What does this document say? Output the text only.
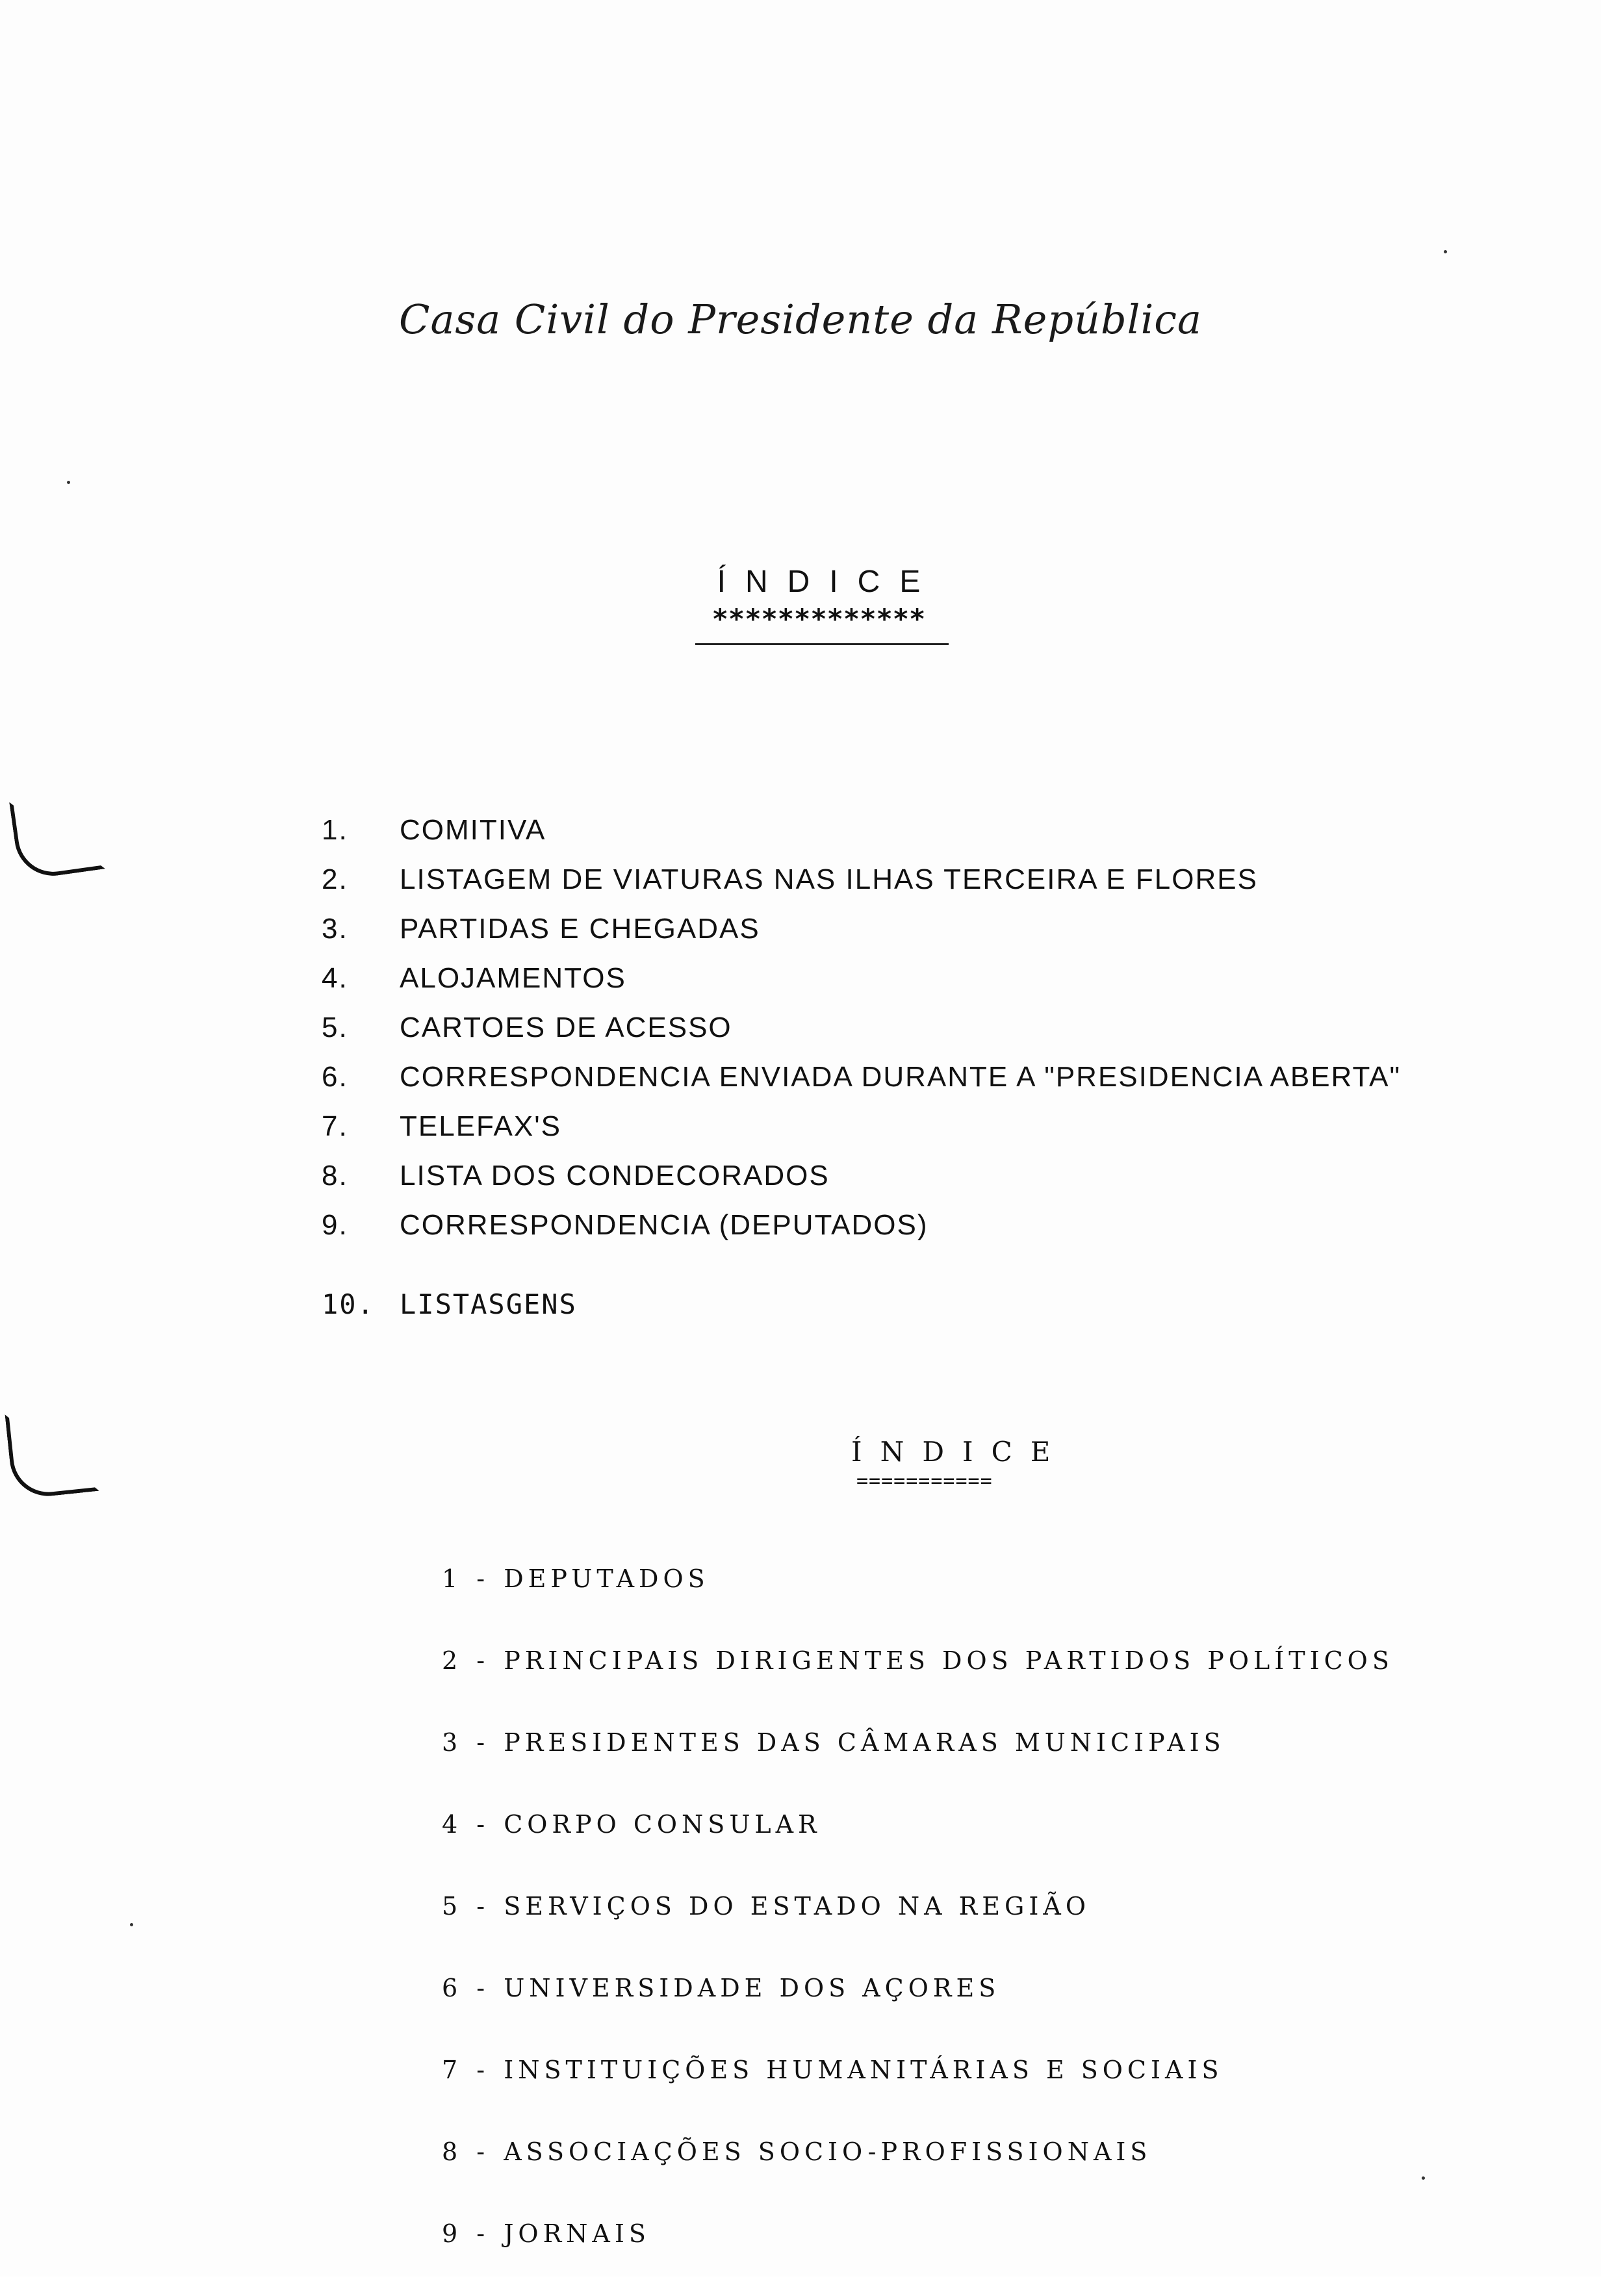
Casa Civil do Presidente da República
ÍNDICE
*************
1. COMITIVA
2. LISTAGEM DE VIATURAS NAS ILHAS TERCEIRA E FLORES
3. PARTIDAS E CHEGADAS
4. ALOJAMENTOS
5. CARTOES DE ACESSO
6. CORRESPONDENCIA ENVIADA DURANTE A "PRESIDENCIA ABERTA"
7. TELEFAX'S
8. LISTA DOS CONDECORADOS
9. CORRESPONDENCIA (DEPUTADOS)
10. LISTASGENS
ÍNDICE
===========
1 - DEPUTADOS
2 - PRINCIPAIS DIRIGENTES DOS PARTIDOS POLÍTICOS
3 - PRESIDENTES DAS CÂMARAS MUNICIPAIS
4 - CORPO CONSULAR
5 - SERVIÇOS DO ESTADO NA REGIÃO
6 - UNIVERSIDADE DOS AÇORES
7 - INSTITUIÇÕES HUMANITÁRIAS E SOCIAIS
8 - ASSOCIAÇÕES SOCIO-PROFISSIONAIS
9 - JORNAIS
